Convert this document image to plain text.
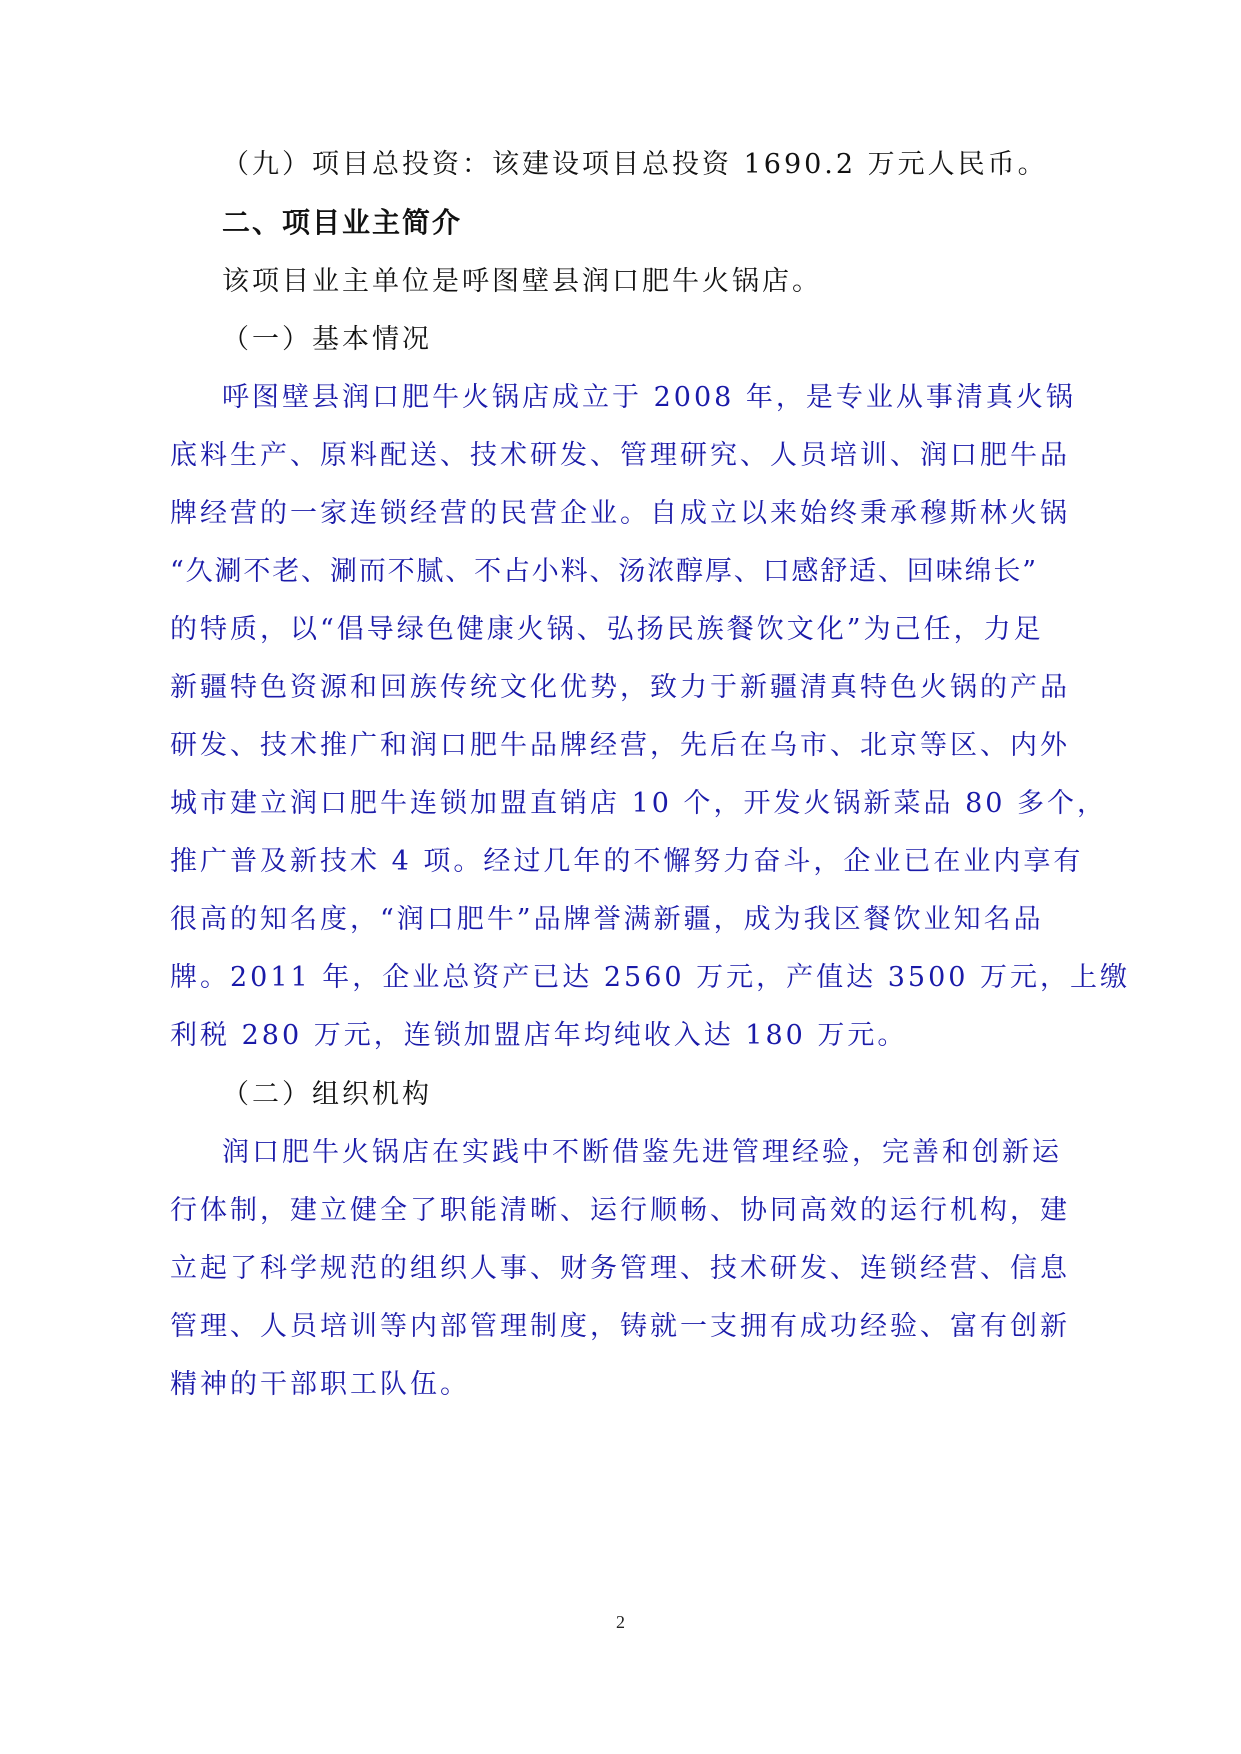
（九）项目总投资：该建设项目总投资 1690.2 万元人民币。
二、项目业主简介
该项目业主单位是呼图壁县润口肥牛火锅店。
（一）基本情况
呼图壁县润口肥牛火锅店成立于 2008 年，是专业从事清真火锅
底料生产、原料配送、技术研发、管理研究、人员培训、润口肥牛品
牌经营的一家连锁经营的民营企业。自成立以来始终秉承穆斯林火锅
“久涮不老、涮而不腻、不占小料、汤浓醇厚、口感舒适、回味绵长”
的特质，以“倡导绿色健康火锅、弘扬民族餐饮文化”为己任，力足
新疆特色资源和回族传统文化优势，致力于新疆清真特色火锅的产品
研发、技术推广和润口肥牛品牌经营，先后在乌市、北京等区、内外
城市建立润口肥牛连锁加盟直销店 10 个，开发火锅新菜品 80 多个，
推广普及新技术 4 项。经过几年的不懈努力奋斗，企业已在业内享有
很高的知名度，“润口肥牛”品牌誉满新疆，成为我区餐饮业知名品
牌。2011 年，企业总资产已达 2560 万元，产值达 3500 万元，上缴
利税 280 万元，连锁加盟店年均纯收入达 180 万元。
（二）组织机构
润口肥牛火锅店在实践中不断借鉴先进管理经验，完善和创新运
行体制，建立健全了职能清晰、运行顺畅、协同高效的运行机构，建
立起了科学规范的组织人事、财务管理、技术研发、连锁经营、信息
管理、人员培训等内部管理制度，铸就一支拥有成功经验、富有创新
精神的干部职工队伍。
2
